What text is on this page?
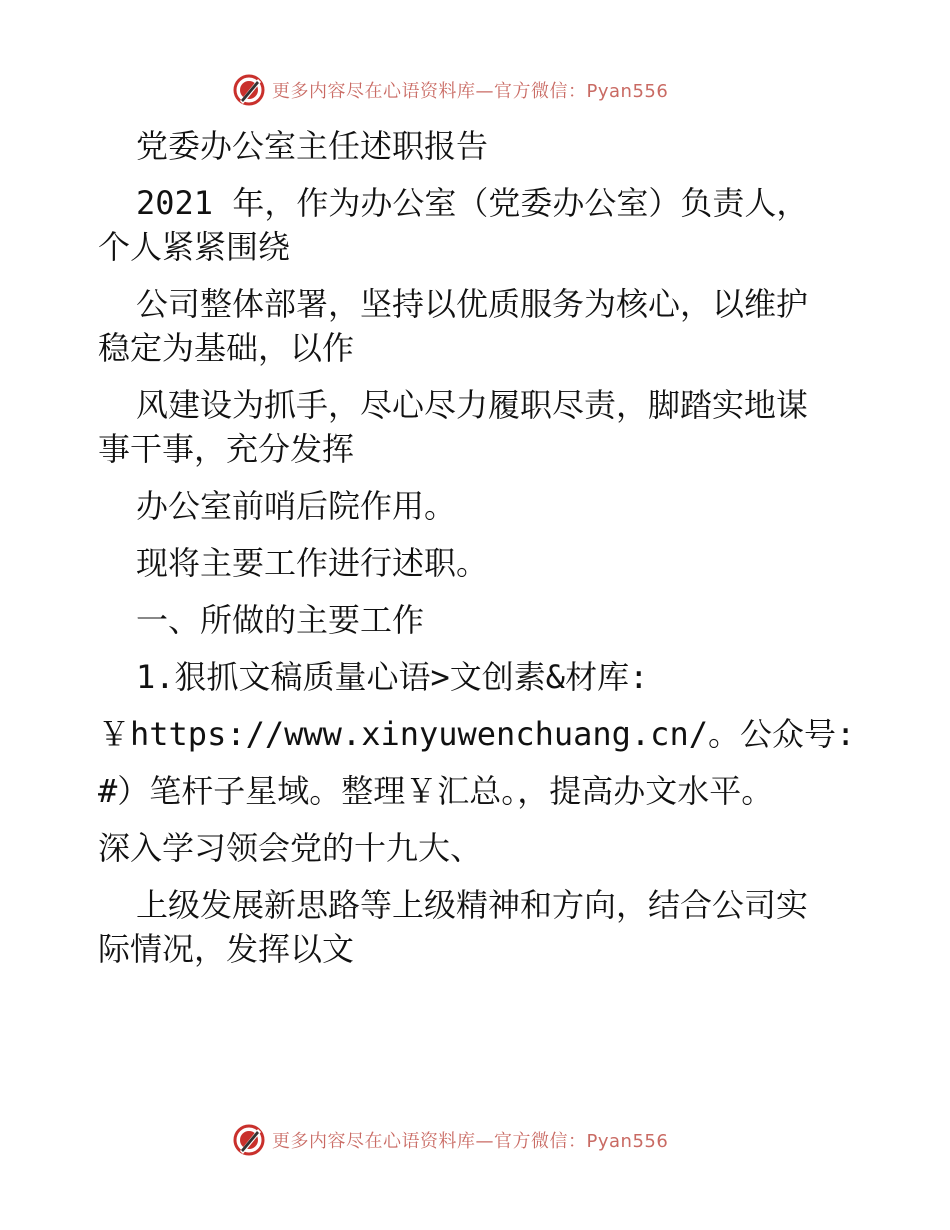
更多内容尽在心语资料库—官方微信：Pyan556
党委办公室主任述职报告
2021 年，作为办公室（党委办公室）负责人，
个人紧紧围绕
公司整体部署，坚持以优质服务为核心，以维护
稳定为基础，以作
风建设为抓手，尽心尽力履职尽责，脚踏实地谋
事干事，充分发挥
办公室前哨后院作用。
现将主要工作进行述职。
一、所做的主要工作
1.狠抓文稿质量心语>文创素&材库:
￥https://www.xinyuwenchuang.cn/。公众号:
#）笔杆子星域。整理￥汇总。，提高办文水平。
深入学习领会党的十九大、
上级发展新思路等上级精神和方向，结合公司实
际情况，发挥以文
更多内容尽在心语资料库—官方微信：Pyan556
